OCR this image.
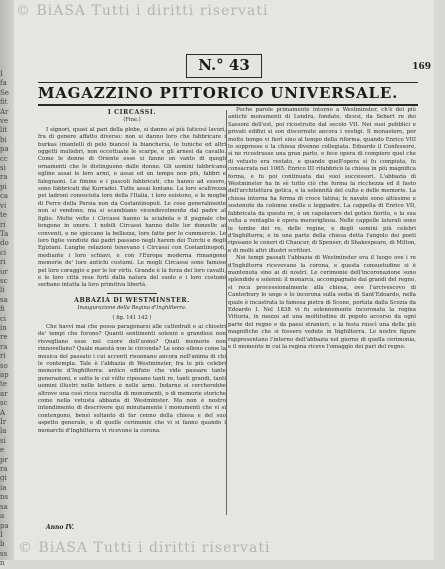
I
fa
Se
fit
Ar
ve
lit
bi
pa
cc
si
ra
pi
ca
vi
te
ri
Ta
do
ci
ri
ur
sc
li
sa
fi
ci
in
re
ra
ri
so
ap
te
ar
sc
A
Ir
la
si
e
pr
ra
gi
ia
ns
sa
a
pa
I
b
ss
n
© BiASA Tutti i diritti riservati
N.° 43	169
MAGAZZINO PITTORICO UNIVERSALE.
I CIRCASSI.
(Fine.)

I signori, quasi al pari della plebe, si danno ai più faticosi lavori, fra di genere affatto diverso: non si danno loro che fabbricare i burkas (mantelli di pelo bianco) la biancheria, le tuniche ed altri oggetti muliebri, non eccettuate le scarpe, e gli arnesi da cavallo. Come le donne di Oriente esse si fanno un vanto di quegli ornamenti che le distinguono dalle donne. Gli uomini fabbricano egline assai le loro armi, e assai ed un tempo non più, fabbri e falegnami. Le fimine e i pascoli fabbricati, che hanno ad essere, sono fabbricati dai Kurradei. Tutte assai lontane. La loro scaltrezza pei ladroni conosciuta loro della l'Italia, i loro esistono, e le moglie di Ferro della Persia non da Costantinopoli. Le cose generalmente non si vendono, ma si scambiano vicendevolmente dal padre al figlio. Molte volte i Circassi hanno la sciabola o il pugnale che tengono in onore. I nobili Circassi hanno delle lor donzelle ai conventi, e ne spiccano la bellezza, loro fatte per lo commercio. Le loro figlie vendute dai padri passano negli harem dei Turchi e degli Egiziani. Lunghe relazioni tenevano i Circassi con Costantinopoli, mediante i loro schiavi, e con l'Europa moderna rimangono memorie de' loro antichi costumi. Le mogli Circasse sono famose pel loro coraggio e per le lor virtù. Grande è la forza dei loro cavalli, e le loro città rese forti dalla natura del suolo e i loro costumi serbano intatta la loro primitiva libertà.

ABBAZIA DI WESTMINSTER.
Inaugurazione della Regina d'Inghilterra.
( fig. 141 142 )

Che havvi mai che possa paragonarsi alle cattedrali e ai chiostri de' tempi che furono? Quanti sentimenti solenni e grandiosi non risvegliano esse nel cuore dell'uomo? Quali memorie non rinnovellano? Quale maestà non le circonda? Le sono elleno come la musica del passato i cui accenti risuonano ancora nell'anima di chi le contempla. Tale è l'abbazia di Westminster, fra le più celebri memorie d'Inghilterra: antico edifizio che vide passare tante generazioni, e sotto le cui vôlte riposano tanti re, tanti grandi, tanti uomini illustri nelle lettere e nelle armi. Indarno si cercherebbe altrove una così ricca raccolta di monumenti, o di memorie storiche come nella vetusta abbazia di Westminster. Ma non è nostro intendimento di descrivere qui minutamente i monumenti che vi si contengono, bensì soltanto di far cenno della chiesa e del suo aspetto generale, e di quelle cerimonie che vi si fanno quando i monarchi d'Inghilterra vi ricevono la corona.

Poche parole primamente intorno a Westminster, ch'è dei più antichi monumenti di Londra, fondato, dicesi, da Sebert re dei Sassoni dell'est, poi ricostruito dal secolo VII. Nei suoi pubblici e privati edifizi si son discernute ancora i vestigi. Il monastero, per molto tempo vi fiorì sino al tempo della riforma, quando Enrico VIII lo soppresse e la chiesa divenne collegiata. Edoardo il Confessore, sì ne ricostrusse una gran parte, e fece opera di compiere quel che di vetusto era restato, e quando quell'opera si fu compiuta, fu consacrata nel 1065. Enrico III rifabbricò la chiesa in più magnifica forma, e fu poi continuata dai suoi successori. L'abbazia di Westminster ha in sè tutto ciò che forma la ricchezza ed il fasto dell'architettura gotica, e la solennità del culto e delle memorie. La chiesa interna ha forma di croce latina; le navate sono altissime e sostenute da colonne snelle e leggiadre. La cappella di Enrico VII, fabbricata da questo re, è un capolavoro del gotico fiorito, e la sua volta a ventaglio è opera meravigliosa. Nelle cappelle laterali sono le tombe dei re, delle regine, e degli uomini più celebri d'Inghilterra; e in una parte della chiesa detta l'angolo dei poeti riposano le ceneri di Chaucer, di Spenser, di Shakespeare, di Milton, e di molti altri illustri scrittori.

Nei tempi passati l'abbazia di Westminster era il luogo ove i re d'Inghilterra ricevevano la corona, e questa consuetudine si è mantenuta sino ai dì nostri. Le cerimonie dell'incoronazione sono splendide e solenni: il monarca, accompagnato dai grandi del regno, si reca processionalmente alla chiesa, ove l'arcivescovo di Canterbury lo unge e lo incorona sulla sedia di Sant'Edoardo, nella quale è incastrata la famosa pietra di Scone, portata dalla Scozia da Edoardo I. Nel 1838 vi fu solennemente incoronata la regina Vittoria, in mezzo ad una moltitudine di popolo accorso da ogni parte del regno e da paesi stranieri, e la festa riuscì una delle più magnifiche che si fossero vedute in Inghilterra. Le nostre figure rappresentano l'interno dell'abbazia nel giorno di quella cerimonia, e il momento in cui la regina riceve l'omaggio dei pari del regno.

Anno IV.
© BiASA Tutti i diritti riservati
